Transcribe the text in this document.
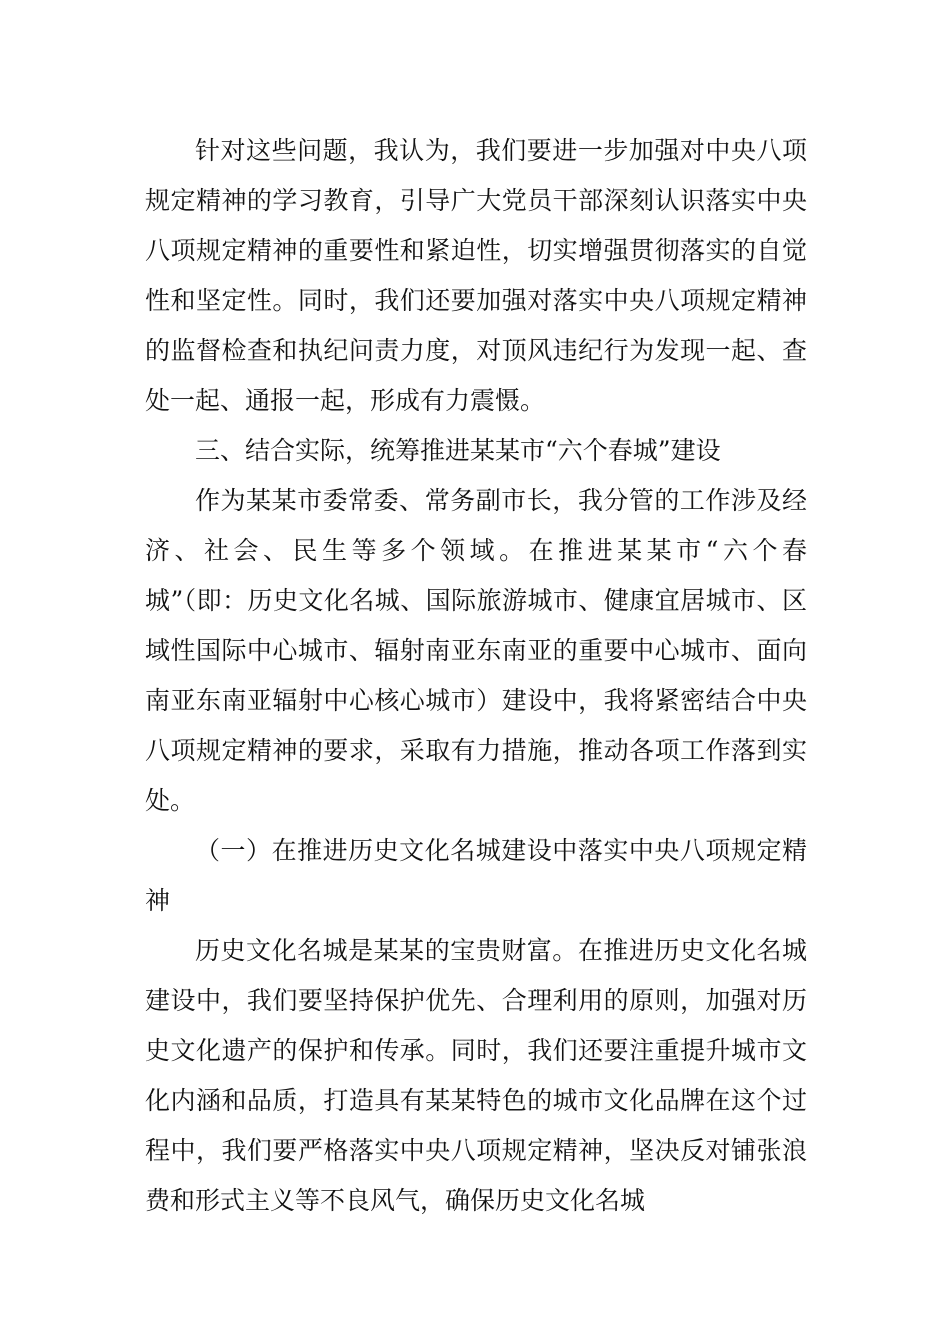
针对这些问题，我认为，我们要进一步加强对中央八项规定精神的学习教育，引导广大党员干部深刻认识落实中央八项规定精神的重要性和紧迫性，切实增强贯彻落实的自觉性和坚定性。同时，我们还要加强对落实中央八项规定精神的监督检查和执纪问责力度，对顶风违纪行为发现一起、查处一起、通报一起，形成有力震慑。

三、结合实际，统筹推进某某市“六个春城”建设

作为某某市委常委、常务副市长，我分管的工作涉及经济、社会、民生等多个领域。在推进某某市“六个春城”（即：历史文化名城、国际旅游城市、健康宜居城市、区域性国际中心城市、辐射南亚东南亚的重要中心城市、面向南亚东南亚辐射中心核心城市）建设中，我将紧密结合中央八项规定精神的要求，采取有力措施，推动各项工作落到实处。

（一）在推进历史文化名城建设中落实中央八项规定精神

历史文化名城是某某的宝贵财富。在推进历史文化名城建设中，我们要坚持保护优先、合理利用的原则，加强对历史文化遗产的保护和传承。同时，我们还要注重提升城市文化内涵和品质，打造具有某某特色的城市文化品牌在这个过程中，我们要严格落实中央八项规定精神，坚决反对铺张浪费和形式主义等不良风气，确保历史文化名城
